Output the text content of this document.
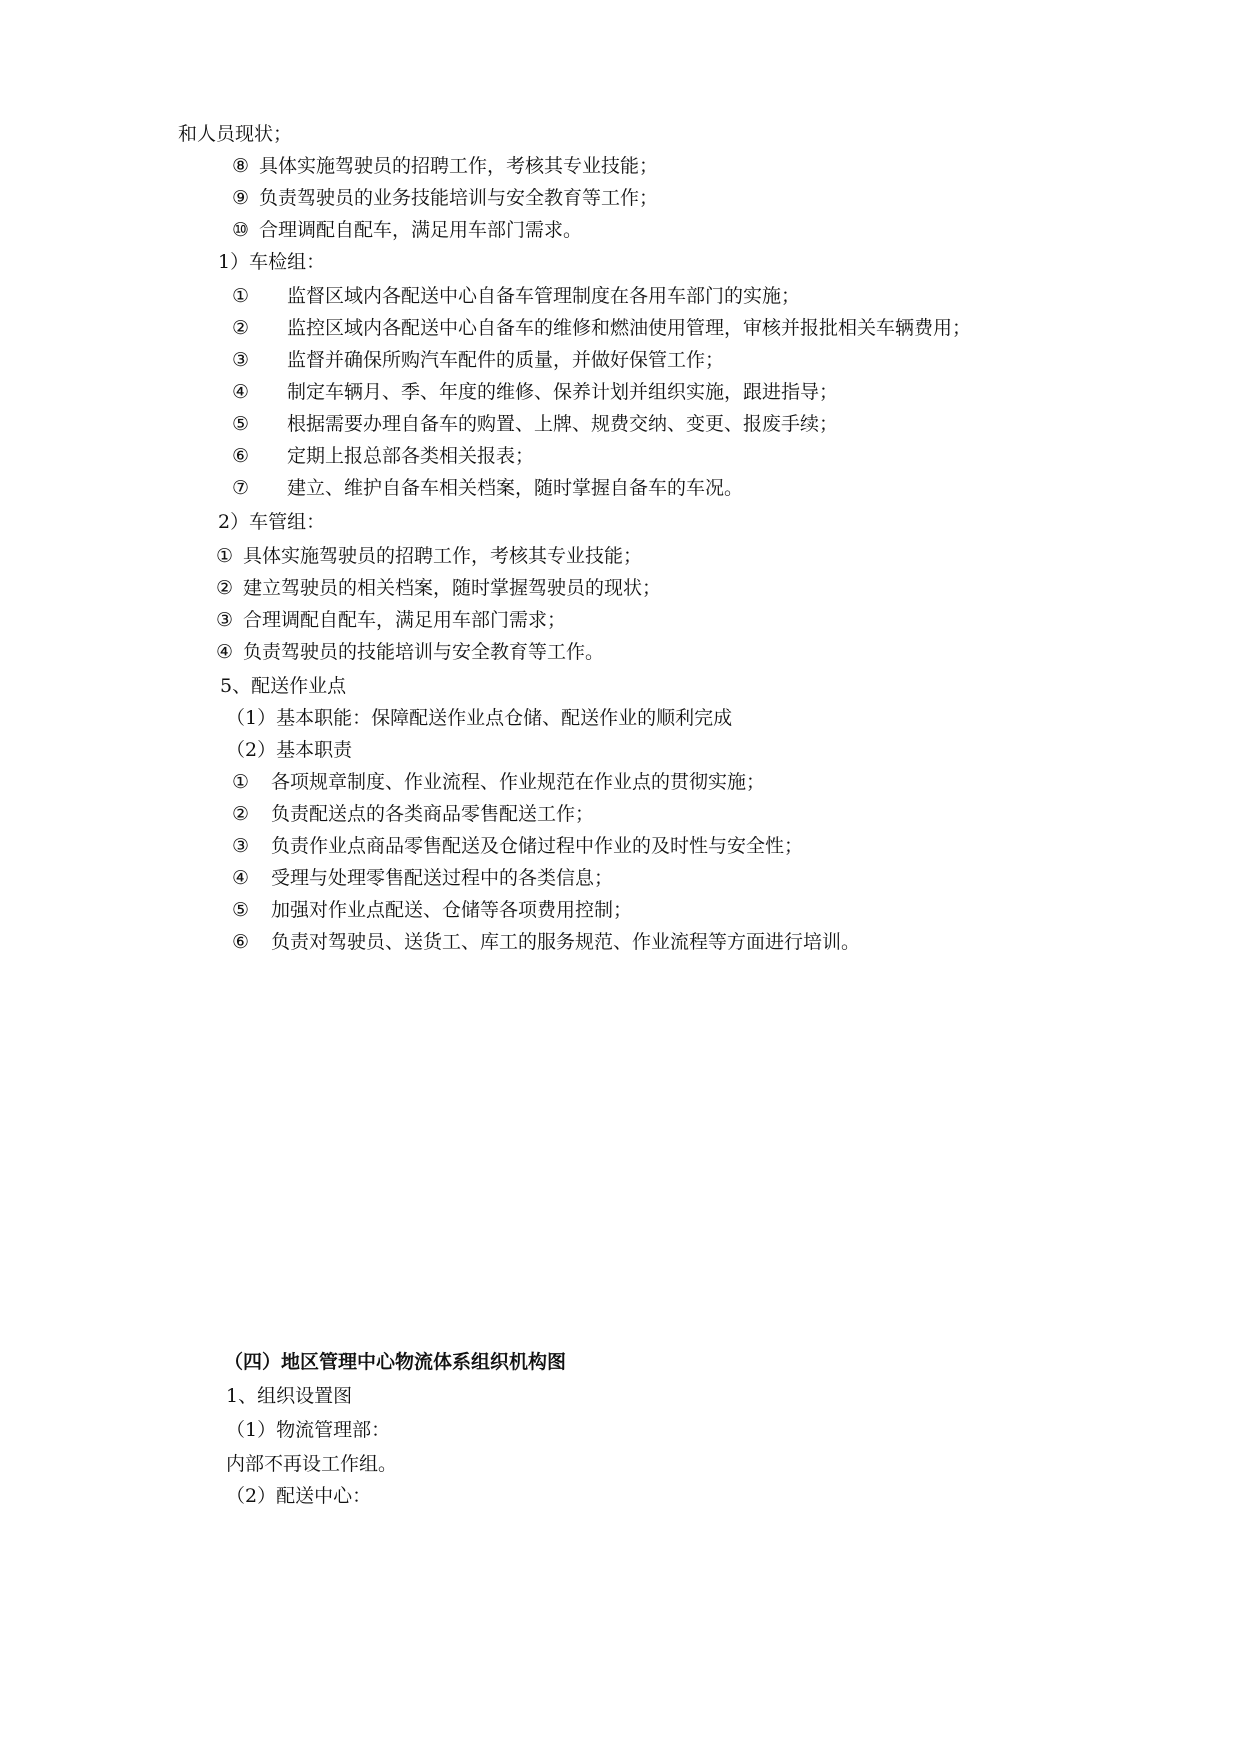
和人员现状；
⑧ 具体实施驾驶员的招聘工作，考核其专业技能；
⑨ 负责驾驶员的业务技能培训与安全教育等工作；
⑩ 合理调配自配车，满足用车部门需求。
1）车检组：
① 监督区域内各配送中心自备车管理制度在各用车部门的实施；
② 监控区域内各配送中心自备车的维修和燃油使用管理，审核并报批相关车辆费用；
③ 监督并确保所购汽车配件的质量，并做好保管工作；
④ 制定车辆月、季、年度的维修、保养计划并组织实施，跟进指导；
⑤ 根据需要办理自备车的购置、上牌、规费交纳、变更、报废手续；
⑥ 定期上报总部各类相关报表；
⑦ 建立、维护自备车相关档案，随时掌握自备车的车况。
2）车管组：
① 具体实施驾驶员的招聘工作，考核其专业技能；
② 建立驾驶员的相关档案，随时掌握驾驶员的现状；
③ 合理调配自配车，满足用车部门需求；
④ 负责驾驶员的技能培训与安全教育等工作。
5、配送作业点
（1）基本职能：保障配送作业点仓储、配送作业的顺利完成
（2）基本职责
① 各项规章制度、作业流程、作业规范在作业点的贯彻实施；
② 负责配送点的各类商品零售配送工作；
③ 负责作业点商品零售配送及仓储过程中作业的及时性与安全性；
④ 受理与处理零售配送过程中的各类信息；
⑤ 加强对作业点配送、仓储等各项费用控制；
⑥ 负责对驾驶员、送货工、库工的服务规范、作业流程等方面进行培训。
（四）地区管理中心物流体系组织机构图
1、组织设置图
（1）物流管理部：
内部不再设工作组。
（2）配送中心：
